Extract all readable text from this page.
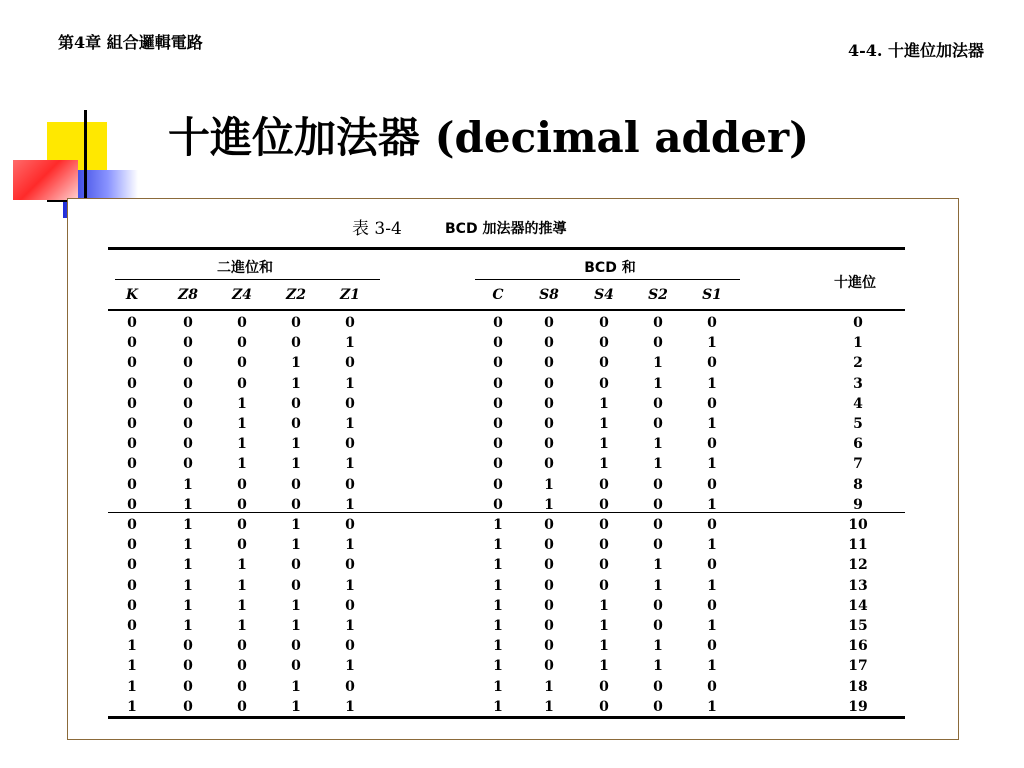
第4章 組合邏輯電路	4-4. 十進位加法器
十進位加法器 (decimal adder)
表 3-4	BCD 加法器的推導
二進位和	BCD 和
十進位
K	Z8	Z4	Z2	Z1	C	S8	S4	S2	S1
0	0	0	0	0	0	0	0	0	0	0
0	0	0	0	1	0	0	0	0	1	1
0	0	0	1	0	0	0	0	1	0	2
0	0	0	1	1	0	0	0	1	1	3
0	0	1	0	0	0	0	1	0	0	4
0	0	1	0	1	0	0	1	0	1	5
0	0	1	1	0	0	0	1	1	0	6
0	0	1	1	1	0	0	1	1	1	7
0	1	0	0	0	0	1	0	0	0	8
0	1	0	0	1	0	1	0	0	1	9
0	1	0	1	0	1	0	0	0	0	10
0	1	0	1	1	1	0	0	0	1	11
0	1	1	0	0	1	0	0	1	0	12
0	1	1	0	1	1	0	0	1	1	13
0	1	1	1	0	1	0	1	0	0	14
0	1	1	1	1	1	0	1	0	1	15
1	0	0	0	0	1	0	1	1	0	16
1	0	0	0	1	1	0	1	1	1	17
1	0	0	1	0	1	1	0	0	0	18
1	0	0	1	1	1	1	0	0	1	19
